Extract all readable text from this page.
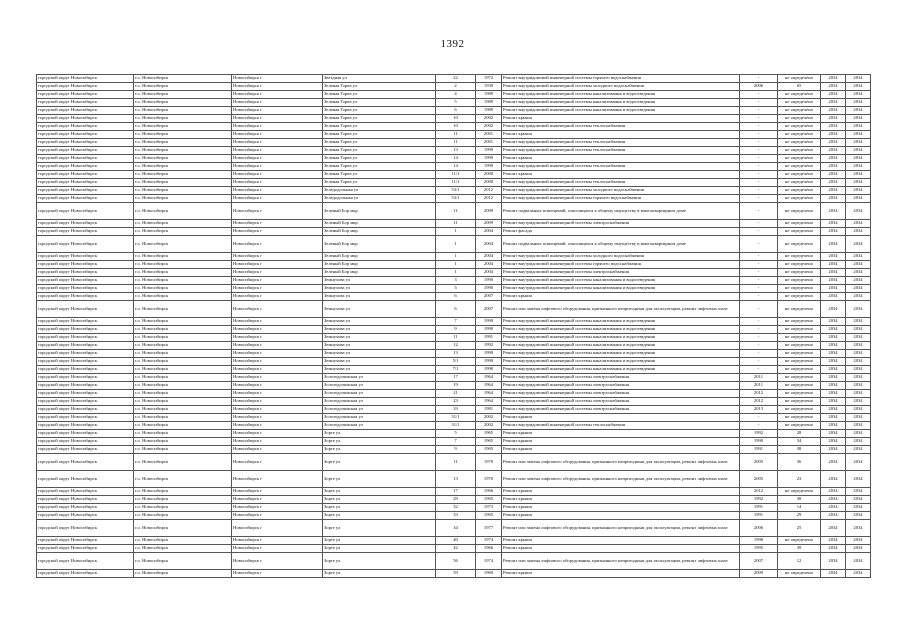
1392
городской округ Новосибирск	г.о. Новосибирск	Новосибирск г	Звездная ул	22	1972	Ремонт внутридомовой инженерной системы горячего водоснабжения	-	не определено	2034	2034
городской округ Новосибирск	г.о. Новосибирск	Новосибирск г	Зеленая Горка ул	2	1939	Ремонт внутридомовой инженерной системы холодного водоснабжения	2006	65	2034	2034
городской округ Новосибирск	г.о. Новосибирск	Новосибирск г	Зеленая Горка ул	4	1989	Ремонт внутридомовой инженерной системы канализования и водоотведения	-	не определено	2034	2034
городской округ Новосибирск	г.о. Новосибирск	Новосибирск г	Зеленая Горка ул	5	1989	Ремонт внутридомовой инженерной системы канализования и водоотведения	-	не определено	2034	2034
городской округ Новосибирск	г.о. Новосибирск	Новосибирск г	Зеленая Горка ул	6	1989	Ремонт внутридомовой инженерной системы канализования и водоотведения	-	не определено	2034	2034
городской округ Новосибирск	г.о. Новосибирск	Новосибирск г	Зеленая Горка ул	10	2002	Ремонт крыши	-	не определено	2034	2034
городской округ Новосибирск	г.о. Новосибирск	Новосибирск г	Зеленая Горка ул	10	2002	Ремонт внутридомовой инженерной системы теплоснабжения	-	не определено	2034	2034
городской округ Новосибирск	г.о. Новосибирск	Новосибирск г	Зеленая Горка ул	11	2001	Ремонт крыши	-	не определено	2034	2034
городской округ Новосибирск	г.о. Новосибирск	Новосибирск г	Зеленая Горка ул	11	2001	Ремонт внутридомовой инженерной системы теплоснабжения	-	не определено	2034	2034
городской округ Новосибирск	г.о. Новосибирск	Новосибирск г	Зеленая Горка ул	13	1999	Ремонт внутридомовой инженерной системы теплоснабжения	-	не определено	2034	2034
городской округ Новосибирск	г.о. Новосибирск	Новосибирск г	Зеленая Горка ул	14	1999	Ремонт крыши	-	не определено	2034	2034
городской округ Новосибирск	г.о. Новосибирск	Новосибирск г	Зеленая Горка ул	14	1999	Ремонт внутридомовой инженерной системы теплоснабжения	-	не определено	2034	2034
городской округ Новосибирск	г.о. Новосибирск	Новосибирск г	Зеленая Горка ул	11/1	2000	Ремонт крыши	-	не определено	2034	2034
городской округ Новосибирск	г.о. Новосибирск	Новосибирск г	Зеленая Горка ул	11/1	2000	Ремонт внутридомовой инженерной системы теплоснабжения	-	не определено	2034	2034
городской округ Новосибирск	г.о. Новосибирск	Новосибирск г	Зеледодольная ул	53/1	2012	Ремонт внутридомовой инженерной системы холодного водоснабжения	-	не определено	2034	2034
городской округ Новосибирск	г.о. Новосибирск	Новосибирск г	Зеледодольная ул	53/1	2012	Ремонт внутридомовой инженерной системы горячего водоснабжения	-	не определено	2034	2034
городской округ Новосибирск	г.о. Новосибирск	Новосибирск г	Зеленый Бор мкр	11	2009	Ремонт подвальных помещений, относящихся к общему имуществу в многоквартирном доме	-	не определено	2034	2034
городской округ Новосибирск	г.о. Новосибирск	Новосибирск г	Зеленый Бор мкр	11	2009	Ремонт внутридомовой инженерной системы электроснабжения	-	не определено	2034	2034
городской округ Новосибирск	г.о. Новосибирск	Новосибирск г	Зеленый Бор мкр	1	2004	Ремонт фасада	-	не определено	2034	2034
городской округ Новосибирск	г.о. Новосибирск	Новосибирск г	Зеленый Бор мкр	1	2004	Ремонт подвальных помещений, относящихся к общему имуществу в многоквартирном доме	-	не определено	2034	2034
городской округ Новосибирск	г.о. Новосибирск	Новосибирск г	Зеленый Бор мкр	1	2004	Ремонт внутридомовой инженерной системы холодного водоснабжения	-	не определено	2034	2034
городской округ Новосибирск	г.о. Новосибирск	Новосибирск г	Зеленый Бор мкр	1	2004	Ремонт внутридомовой инженерной системы горячего водоснабжения	-	не определено	2034	2034
городской округ Новосибирск	г.о. Новосибирск	Новосибирск г	Зеленый Бор мкр	1	2004	Ремонт внутридомовой инженерной системы электроснабжения	-	не определено	2034	2034
городской округ Новосибирск	г.о. Новосибирск	Новосибирск г	Земнухова ул	3	1990	Ремонт внутридомовой инженерной системы канализования и водоотведения	-	не определено	2034	2034
городской округ Новосибирск	г.о. Новосибирск	Новосибирск г	Земнухова ул	5	1990	Ремонт внутридомовой инженерной системы канализования и водоотведения	-	не определено	2034	2034
городской округ Новосибирск	г.о. Новосибирск	Новосибирск г	Земнухова ул	6	2007	Ремонт крыши	-	не определено	2034	2034
городской округ Новосибирск	г.о. Новосибирск	Новосибирск г	Земнухова ул	6	2007	Ремонт или замена лифтового оборудования, признанного непригодным для эксплуатации, ремонт лифтовых шахт	-	не определено	2034	2034
городской округ Новосибирск	г.о. Новосибирск	Новосибирск г	Земнухова ул	7	1990	Ремонт внутридомовой инженерной системы канализования и водоотведения	-	не определено	2034	2034
городской округ Новосибирск	г.о. Новосибирск	Новосибирск г	Земнухова ул	9	1990	Ремонт внутридомовой инженерной системы канализования и водоотведения	-	не определено	2034	2034
городской округ Новосибирск	г.о. Новосибирск	Новосибирск г	Земнухова ул	11	1991	Ремонт внутридомовой инженерной системы канализования и водоотведения	-	не определено	2034	2034
городской округ Новосибирск	г.о. Новосибирск	Новосибирск г	Земнухова ул	12	1992	Ремонт внутридомовой инженерной системы канализования и водоотведения	-	не определено	2034	2034
городской округ Новосибирск	г.о. Новосибирск	Новосибирск г	Земнухова ул	13	1990	Ремонт внутридомовой инженерной системы канализования и водоотведения	-	не определено	2034	2034
городской округ Новосибирск	г.о. Новосибирск	Новосибирск г	Земнухова ул	5/1	1990	Ремонт внутридомовой инженерной системы канализования и водоотведения	-	не определено	2034	2034
городской округ Новосибирск	г.о. Новосибирск	Новосибирск г	Земнухова ул	7/1	1990	Ремонт внутридомовой инженерной системы канализования и водоотведения	-	не определено	2034	2034
городской округ Новосибирск	г.о. Новосибирск	Новосибирск г	Золотодолинская ул	17	1964	Ремонт внутридомовой инженерной системы электроснабжения	2011	не определено	2034	2034
городской округ Новосибирск	г.о. Новосибирск	Новосибирск г	Золотодолинская ул	19	1964	Ремонт внутридомовой инженерной системы электроснабжения	2011	не определено	2034	2034
городской округ Новосибирск	г.о. Новосибирск	Новосибирск г	Золотодолинская ул	21	1964	Ремонт внутридомовой инженерной системы электроснабжения	2012	не определено	2034	2034
городской округ Новосибирск	г.о. Новосибирск	Новосибирск г	Золотодолинская ул	23	1964	Ремонт внутридомовой инженерной системы электроснабжения	2012	не определено	2034	2034
городской округ Новосибирск	г.о. Новосибирск	Новосибирск г	Золотодолинская ул	33	1981	Ремонт внутридомовой инженерной системы электроснабжения	2013	не определено	2034	2034
городской округ Новосибирск	г.о. Новосибирск	Новосибирск г	Золотодолинская ул	31/1	2002	Ремонт крыши	-	не определено	2034	2034
городской округ Новосибирск	г.о. Новосибирск	Новосибирск г	Золотодолинская ул	31/1	2002	Ремонт внутридомовой инженерной системы теплоснабжения	-	не определено	2034	2034
городской округ Новосибирск	г.о. Новосибирск	Новосибирск г	Зорге ул	5	1965	Ремонт крыши	1992	28	2034	2034
городской округ Новосибирск	г.о. Новосибирск	Новосибирск г	Зорге ул	7	1965	Ремонт крыши	1990	34	2034	2034
городской округ Новосибирск	г.о. Новосибирск	Новосибирск г	Зорге ул	9	1965	Ремонт крыши	1991	38	2034	2034
городской округ Новосибирск	г.о. Новосибирск	Новосибирск г	Зорге ул	11	1970	Ремонт или замена лифтового оборудования, признанного непригодным для эксплуатации, ремонт лифтовых шахт	2005	36	2034	2034
городской округ Новосибирск	г.о. Новосибирск	Новосибирск г	Зорге ул	13	1970	Ремонт или замена лифтового оборудования, признанного непригодным для эксплуатации, ремонт лифтовых шахт	2005	23	2034	2034
городской округ Новосибирск	г.о. Новосибирск	Новосибирск г	Зорге ул	17	1966	Ремонт крыши	2012	не определено	2034	2034
городской округ Новосибирск	г.о. Новосибирск	Новосибирск г	Зорге ул	29	1965	Ремонт крыши	1992	38	2034	2034
городской округ Новосибирск	г.о. Новосибирск	Новосибирск г	Зорге ул	32	1973	Ремонт крыши	1991	14	2034	2034
городской округ Новосибирск	г.о. Новосибирск	Новосибирск г	Зорге ул	33	1965	Ремонт крыши	1991	29	2034	2034
городской округ Новосибирск	г.о. Новосибирск	Новосибирск г	Зорге ул	34	1977	Ремонт или замена лифтового оборудования, признанного непригодным для эксплуатации, ремонт лифтовых шахт	2006	25	2034	2034
городской округ Новосибирск	г.о. Новосибирск	Новосибирск г	Зорге ул	40	1974	Ремонт крыши	1998	не определено	2034	2034
городской округ Новосибирск	г.о. Новосибирск	Новосибирск г	Зорге ул	42	1966	Ремонт крыши	1995	39	2034	2034
городской округ Новосибирск	г.о. Новосибирск	Новосибирск г	Зорге ул	56	1974	Ремонт или замена лифтового оборудования, признанного непригодным для эксплуатации, ремонт лифтовых шахт	2007	12	2034	2034
городской округ Новосибирск	г.о. Новосибирск	Новосибирск г	Зорге ул	59	1969	Ремонт крыши	2009	не определено	2034	2034
